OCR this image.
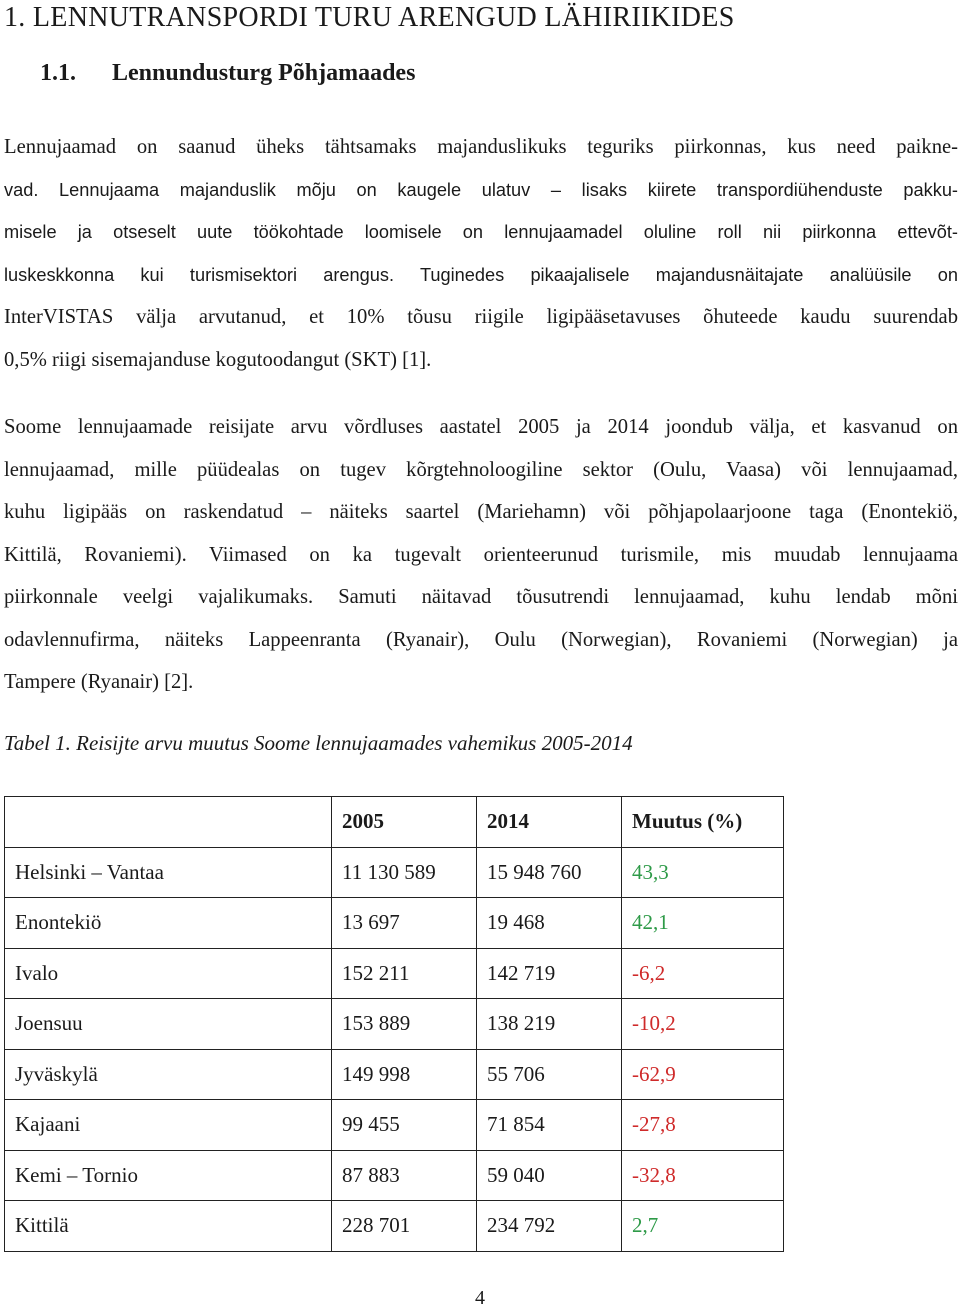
1. LENNUTRANSPORDI TURU ARENGUD LÄHIRIIKIDES
1.1. Lennundusturg Põhjamaades
Lennujaamad on saanud üheks tähtsamaks majanduslikuks teguriks piirkonnas, kus need paikne-
vad. Lennujaama majanduslik mõju on kaugele ulatuv – lisaks kiirete transpordiühenduste pakku-
misele ja otseselt uute töökohtade loomisele on lennujaamadel oluline roll nii piirkonna ettevõt-
luskeskkonna kui turismisektori arengus. Tuginedes pikaajalisele majandusnäitajate analüüsile on
InterVISTAS välja arvutanud, et 10% tõusu riigile ligipääsetavuses õhuteede kaudu suurendab
0,5% riigi sisemajanduse kogutoodangut (SKT) [1].
Soome lennujaamade reisijate arvu võrdluses aastatel 2005 ja 2014 joondub välja, et kasvanud on
lennujaamad, mille püüdealas on tugev kõrgtehnoloogiline sektor (Oulu, Vaasa) või lennujaamad,
kuhu ligipääs on raskendatud – näiteks saartel (Mariehamn) või põhjapolaarjoone taga (Enontekiö,
Kittilä, Rovaniemi). Viimased on ka tugevalt orienteerunud turismile, mis muudab lennujaama
piirkonnale veelgi vajalikumaks. Samuti näitavad tõusutrendi lennujaamad, kuhu lendab mõni
odavlennufirma, näiteks Lappeenranta (Ryanair), Oulu (Norwegian), Rovaniemi (Norwegian) ja
Tampere (Ryanair) [2].

Tabel 1. Reisijte arvu muutus Soome lennujaamades vahemikus 2005-2014

	2005	2014	Muutus (%)
Helsinki – Vantaa	11 130 589	15 948 760	43,3
Enontekiö	13 697	19 468	42,1
Ivalo	152 211	142 719	-6,2
Joensuu	153 889	138 219	-10,2
Jyväskylä	149 998	55 706	-62,9
Kajaani	99 455	71 854	-27,8
Kemi – Tornio	87 883	59 040	-32,8
Kittilä	228 701	234 792	2,7

4
